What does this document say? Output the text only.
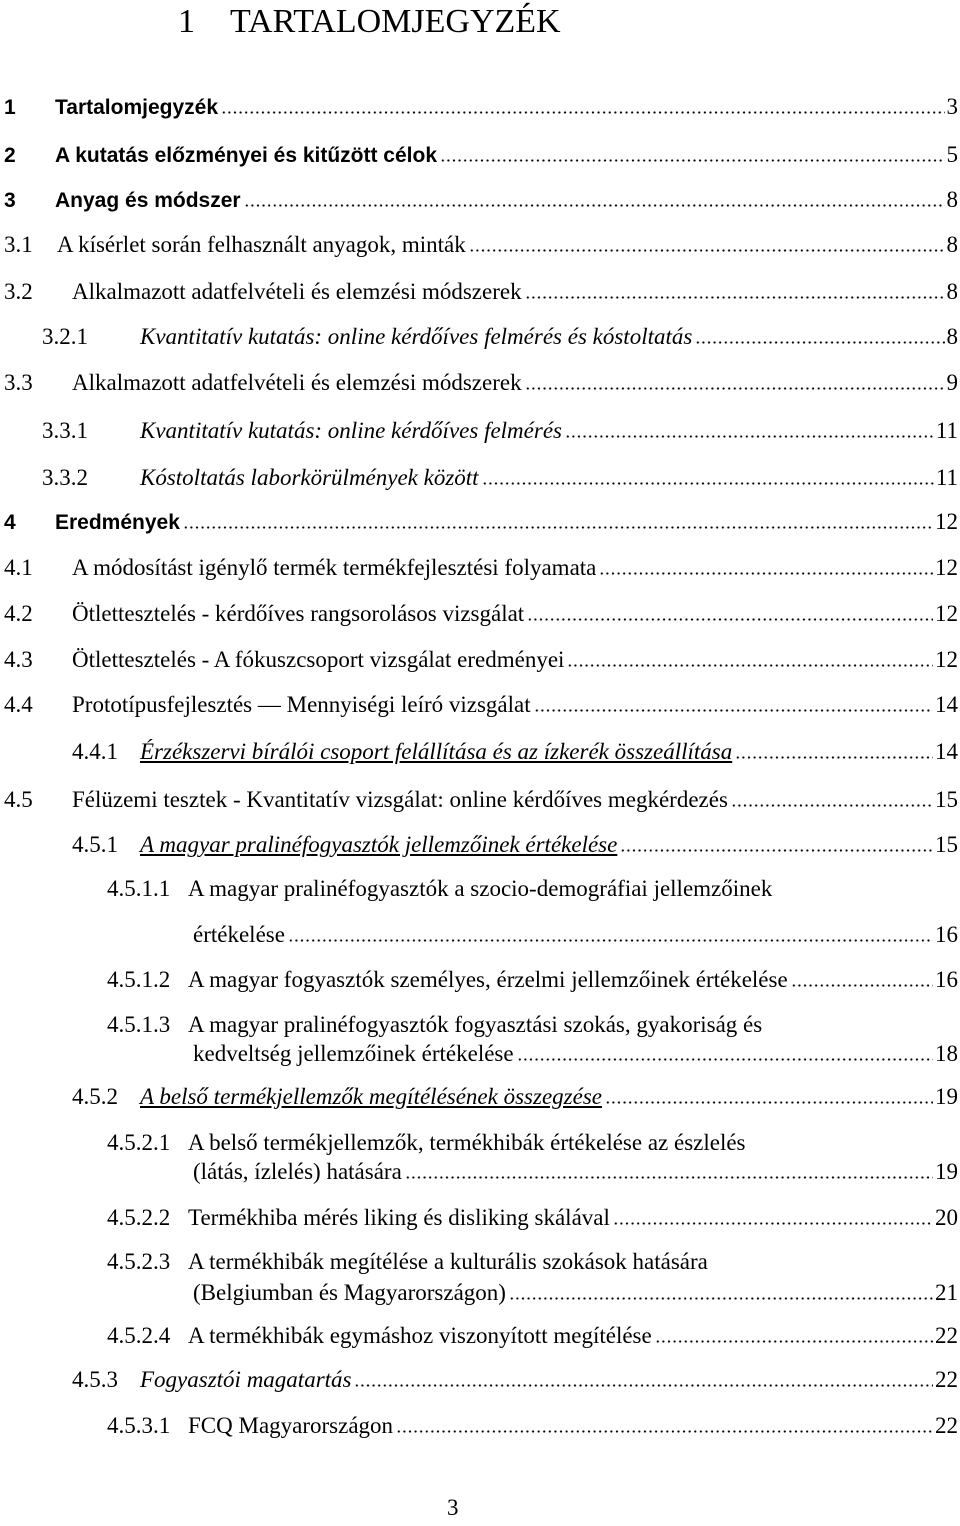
1 TARTALOMJEGYZÉK
1	Tartalomjegyzék	3
2	A kutatás előzményei és kitűzött célok	5
3	Anyag és módszer	8
3.1	A kísérlet során felhasznált anyagok, minták	8
3.2	Alkalmazott adatfelvételi és elemzési módszerek	8
3.2.1	Kvantitatív kutatás: online kérdőíves felmérés és kóstoltatás	8
3.3	Alkalmazott adatfelvételi és elemzési módszerek	9
3.3.1	Kvantitatív kutatás: online kérdőíves felmérés	11
3.3.2	Kóstoltatás laborkörülmények között	11
4	Eredmények	12
4.1	A módosítást igénylő termék termékfejlesztési folyamata	12
4.2	Ötlettesztelés - kérdőíves rangsorolásos vizsgálat	12
4.3	Ötlettesztelés - A fókuszcsoport vizsgálat eredményei	12
4.4	Prototípusfejlesztés ― Mennyiségi leíró vizsgálat	14
4.4.1 Érzékszervi bírálói csoport felállítása és az ízkerék összeállítása	14
4.5	Félüzemi tesztek - Kvantitatív vizsgálat: online kérdőíves megkérdezés	15
4.5.1 A magyar pralinéfogyasztók jellemzőinek értékelése	15
4.5.1.1 A magyar pralinéfogyasztók a szocio-demográfiai jellemzőinek
értékelése	16
4.5.1.2 A magyar fogyasztók személyes, érzelmi jellemzőinek értékelése	16
4.5.1.3 A magyar pralinéfogyasztók fogyasztási szokás, gyakoriság és
kedveltség jellemzőinek értékelése	18
4.5.2 A belső termékjellemzők megítélésének összegzése	19
4.5.2.1 A belső termékjellemzők, termékhibák értékelése az észlelés
(látás, ízlelés) hatására	19
4.5.2.2 Termékhiba mérés liking és disliking skálával	20
4.5.2.3 A termékhibák megítélése a kulturális szokások hatására
(Belgiumban és Magyarországon)	21
4.5.2.4 A termékhibák egymáshoz viszonyított megítélése	22
4.5.3 Fogyasztói magatartás	22
4.5.3.1 FCQ Magyarországon	22
3
